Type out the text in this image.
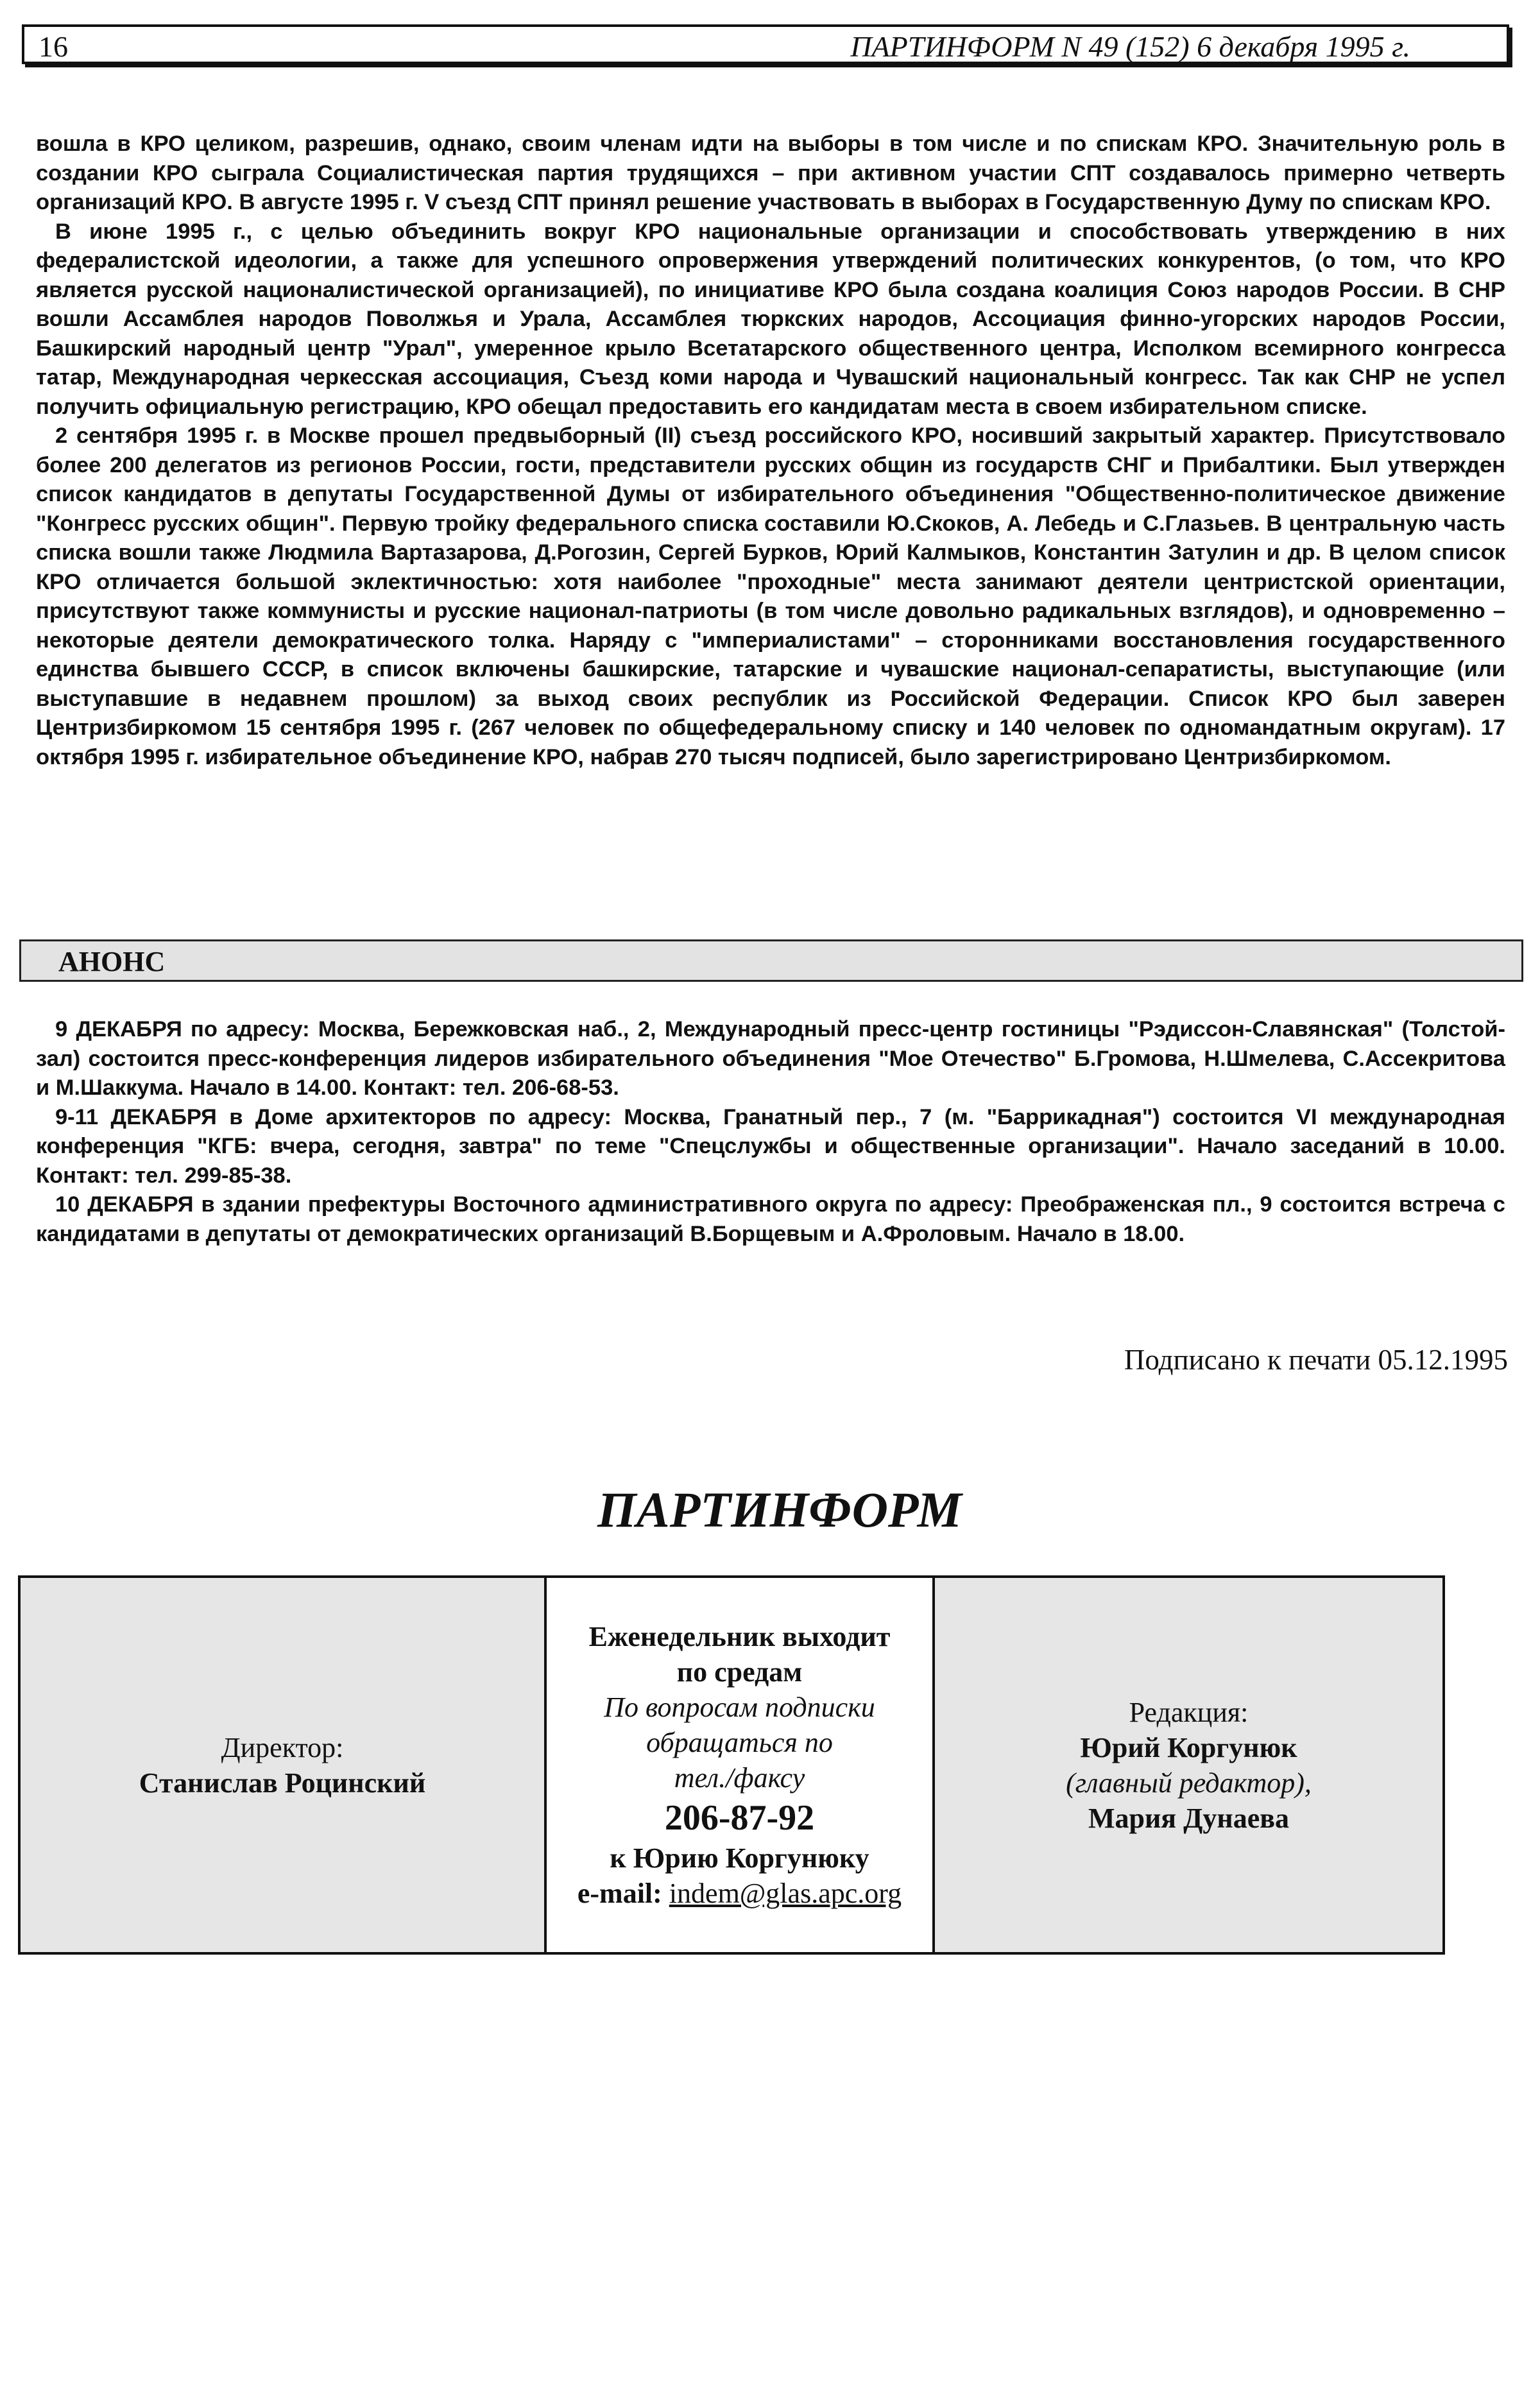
16	ПАРТИНФОРМ N 49 (152) 6 декабря 1995 г.

вошла в КРО целиком, разрешив, однако, своим членам идти на выборы в том числе и по спискам КРО. Значительную роль в создании КРО сыграла Социалистическая партия трудящихся – при активном участии СПТ создавалось примерно четверть организаций КРО. В августе 1995 г. V съезд СПТ принял решение участвовать в выборах в Государственную Думу по спискам КРО.

В июне 1995 г., с целью объединить вокруг КРО национальные организации и способствовать утверждению в них федералистской идеологии, а также для успешного опровержения утверждений политических конкурентов, (о том, что КРО является русской националистической организацией), по инициативе КРО была создана коалиция Союз народов России. В СНР вошли Ассамблея народов Поволжья и Урала, Ассамблея тюркских народов, Ассоциация финно-угорских народов России, Башкирский народный центр "Урал", умеренное крыло Всетатарского общественного центра, Исполком всемирного конгресса татар, Международная черкесская ассоциация, Съезд коми народа и Чувашский национальный конгресс. Так как СНР не успел получить официальную регистрацию, КРО обещал предоставить его кандидатам места в своем избирательном списке.

2 сентября 1995 г. в Москве прошел предвыборный (II) съезд российского КРО, носивший закрытый характер. Присутствовало более 200 делегатов из регионов России, гости, представители русских общин из государств СНГ и Прибалтики. Был утвержден список кандидатов в депутаты Государственной Думы от избирательного объединения "Общественно-политическое движение "Конгресс русских общин". Первую тройку федерального списка составили Ю.Скоков, А. Лебедь и С.Глазьев. В центральную часть списка вошли также Людмила Вартазарова, Д.Рогозин, Сергей Бурков, Юрий Калмыков, Константин Затулин и др. В целом список КРО отличается большой эклектичностью: хотя наиболее "проходные" места занимают деятели центристской ориентации, присутствуют также коммунисты и русские национал-патриоты (в том числе довольно радикальных взглядов), и одновременно – некоторые деятели демократического толка. Наряду с "империалистами" – сторонниками восстановления государственного единства бывшего СССР, в список включены башкирские, татарские и чувашские национал-сепаратисты, выступающие (или выступавшие в недавнем прошлом) за выход своих республик из Российской Федерации. Список КРО был заверен Центризбиркомом 15 сентября 1995 г. (267 человек по общефедеральному списку и 140 человек по одномандатным округам). 17 октября 1995 г. избирательное объединение КРО, набрав 270 тысяч подписей, было зарегистрировано Центризбиркомом.

АНОНС

9 ДЕКАБРЯ по адресу: Москва, Бережковская наб., 2, Международный пресс-центр гостиницы "Рэдиссон-Славянская" (Толстой-зал) состоится пресс-конференция лидеров избирательного объединения "Мое Отечество" Б.Громова, Н.Шмелева, С.Ассекритова и М.Шаккума. Начало в 14.00. Контакт: тел. 206-68-53.

9-11 ДЕКАБРЯ в Доме архитекторов по адресу: Москва, Гранатный пер., 7 (м. "Баррикадная") состоится VI международная конференция "КГБ: вчера, сегодня, завтра" по теме "Спецслужбы и общественные организации". Начало заседаний в 10.00. Контакт: тел. 299-85-38.

10 ДЕКАБРЯ в здании префектуры Восточного административного округа по адресу: Преображенская пл., 9 состоится встреча с кандидатами в депутаты от демократических организаций В.Борщевым и А.Фроловым. Начало в 18.00.

Подписано к печати 05.12.1995
ПАРТИНФОРМ
Директор:
Станислав Роцинский
Еженедельник выходит
по средам
По вопросам подписки
обращаться по
тел./факсу
206-87-92
к Юрию Коргунюку
e-mail: indem@glas.apc.org
Редакция:
Юрий Коргунюк
(главный редактор),
Мария Дунаева
